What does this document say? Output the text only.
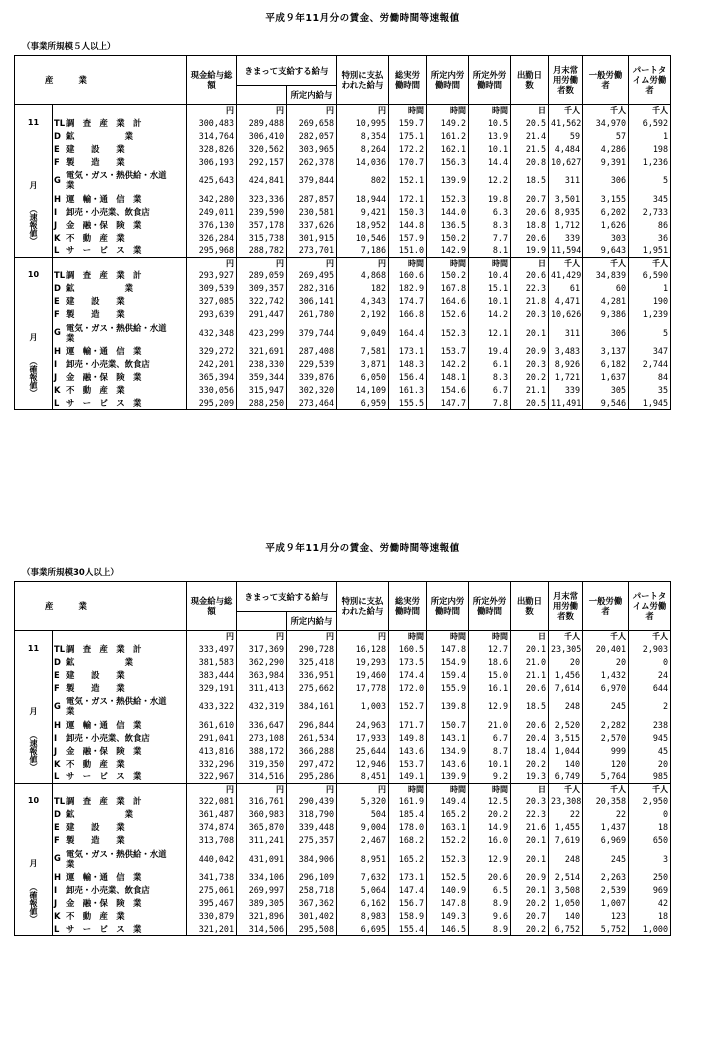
平成９年11月分の賃金、労働時間等速報値
（事業所規模５人以上）
産　　　業		現金給与総額	きまって支給する給与		特別に支払われた給与	総実労働時間	所定内労働時間	所定外労働時間	出勤日数	月末常用労働者数	一般労働者	パートタイム労働者
				所定内給与								

11
月
（速報値）		円	円	円	円	時間	時間	時間	日	千人	千人	千人
	TL調　査　産　業　計	300,483	289,488	269,658	10,995	159.7	149.2	10.5	20.5	41,562	34,970	6,592
	D 鉱　　　　　　業	314,764	306,410	282,057	8,354	175.1	161.2	13.9	21.4	59	57	1
	E 建　　設　　業	328,826	320,562	303,965	8,264	172.2	162.1	10.1	21.5	4,484	4,286	198
	F 製　　造　　業	306,193	292,157	262,378	14,036	170.7	156.3	14.4	20.8	10,627	9,391	1,236
	G 電気・ガス・熱供給・水道業	425,643	424,841	379,844	802	152.1	139.9	12.2	18.5	311	306	5
	H 運　輸・通　信　業	342,280	323,336	287,857	18,944	172.1	152.3	19.8	20.7	3,501	3,155	345
	I 卸売・小売業、飲食店	249,011	239,590	230,581	9,421	150.3	144.0	6.3	20.6	8,935	6,202	2,733
	J 金　融・保　険　業	376,130	357,178	337,626	18,952	144.8	136.5	8.3	18.8	1,712	1,626	86
	K 不　動　産　業	326,284	315,738	301,915	10,546	157.9	150.2	7.7	20.6	339	303	36
	L サ　ー　ビ　ス　業	295,968	288,782	273,701	7,186	151.0	142.9	8.1	19.9	11,594	9,643	1,951

10
月
（確報値）		円	円	円	円	時間	時間	時間	日	千人	千人	千人
	TL調　査　産　業　計	293,927	289,059	269,495	4,868	160.6	150.2	10.4	20.6	41,429	34,839	6,590
	D 鉱　　　　　　業	309,539	309,357	282,316	182	182.9	167.8	15.1	22.3	61	60	1
	E 建　　設　　業	327,085	322,742	306,141	4,343	174.7	164.6	10.1	21.8	4,471	4,281	190
	F 製　　造　　業	293,639	291,447	261,780	2,192	166.8	152.6	14.2	20.3	10,626	9,386	1,239
	G 電気・ガス・熱供給・水道業	432,348	423,299	379,744	9,049	164.4	152.3	12.1	20.1	311	306	5
	H 運　輸・通　信　業	329,272	321,691	287,408	7,581	173.1	153.7	19.4	20.9	3,483	3,137	347
	I 卸売・小売業、飲食店	242,201	238,330	229,539	3,871	148.3	142.2	6.1	20.3	8,926	6,182	2,744
	J 金　融・保　険　業	365,394	359,344	339,876	6,050	156.4	148.1	8.3	20.2	1,721	1,637	84
	K 不　動　産　業	330,056	315,947	302,320	14,109	161.3	154.6	6.7	21.1	339	305	35
	L サ　ー　ビ　ス　業	295,209	288,250	273,464	6,959	155.5	147.7	7.8	20.5	11,491	9,546	1,945
平成９年11月分の賃金、労働時間等速報値
（事業所規模30人以上）
産　　　業		現金給与総額	きまって支給する給与		特別に支払われた給与	総実労働時間	所定内労働時間	所定外労働時間	出勤日数	月末常用労働者数	一般労働者	パートタイム労働者
				所定内給与								

11
月
（速報値）		円	円	円	円	時間	時間	時間	日	千人	千人	千人
	TL調　査　産　業　計	333,497	317,369	290,728	16,128	160.5	147.8	12.7	20.1	23,305	20,401	2,903
	D 鉱　　　　　　業	381,583	362,290	325,418	19,293	173.5	154.9	18.6	21.0	20	20	0
	E 建　　設　　業	383,444	363,984	336,951	19,460	174.4	159.4	15.0	21.1	1,456	1,432	24
	F 製　　造　　業	329,191	311,413	275,662	17,778	172.0	155.9	16.1	20.6	7,614	6,970	644
	G 電気・ガス・熱供給・水道業	433,322	432,319	384,161	1,003	152.7	139.8	12.9	18.5	248	245	2
	H 運　輸・通　信　業	361,610	336,647	296,844	24,963	171.7	150.7	21.0	20.6	2,520	2,282	238
	I 卸売・小売業、飲食店	291,041	273,108	261,534	17,933	149.8	143.1	6.7	20.4	3,515	2,570	945
	J 金　融・保　険　業	413,816	388,172	366,288	25,644	143.6	134.9	8.7	18.4	1,044	999	45
	K 不　動　産　業	332,296	319,350	297,472	12,946	153.7	143.6	10.1	20.2	140	120	20
	L サ　ー　ビ　ス　業	322,967	314,516	295,286	8,451	149.1	139.9	9.2	19.3	6,749	5,764	985

10
月
（確報値）		円	円	円	円	時間	時間	時間	日	千人	千人	千人
	TL調　査　産　業　計	322,081	316,761	290,439	5,320	161.9	149.4	12.5	20.3	23,308	20,358	2,950
	D 鉱　　　　　　業	361,487	360,983	318,790	504	185.4	165.2	20.2	22.3	22	22	0
	E 建　　設　　業	374,874	365,870	339,448	9,004	178.0	163.1	14.9	21.6	1,455	1,437	18
	F 製　　造　　業	313,708	311,241	275,357	2,467	168.2	152.2	16.0	20.1	7,619	6,969	650
	G 電気・ガス・熱供給・水道業	440,042	431,091	384,906	8,951	165.2	152.3	12.9	20.1	248	245	3
	H 運　輸・通　信　業	341,738	334,106	296,109	7,632	173.1	152.5	20.6	20.9	2,514	2,263	250
	I 卸売・小売業、飲食店	275,061	269,997	258,718	5,064	147.4	140.9	6.5	20.1	3,508	2,539	969
	J 金　融・保　険　業	395,467	389,305	367,362	6,162	156.7	147.8	8.9	20.2	1,050	1,007	42
	K 不　動　産　業	330,879	321,896	301,402	8,983	158.9	149.3	9.6	20.7	140	123	18
	L サ　ー　ビ　ス　業	321,201	314,506	295,508	6,695	155.4	146.5	8.9	20.2	6,752	5,752	1,000
